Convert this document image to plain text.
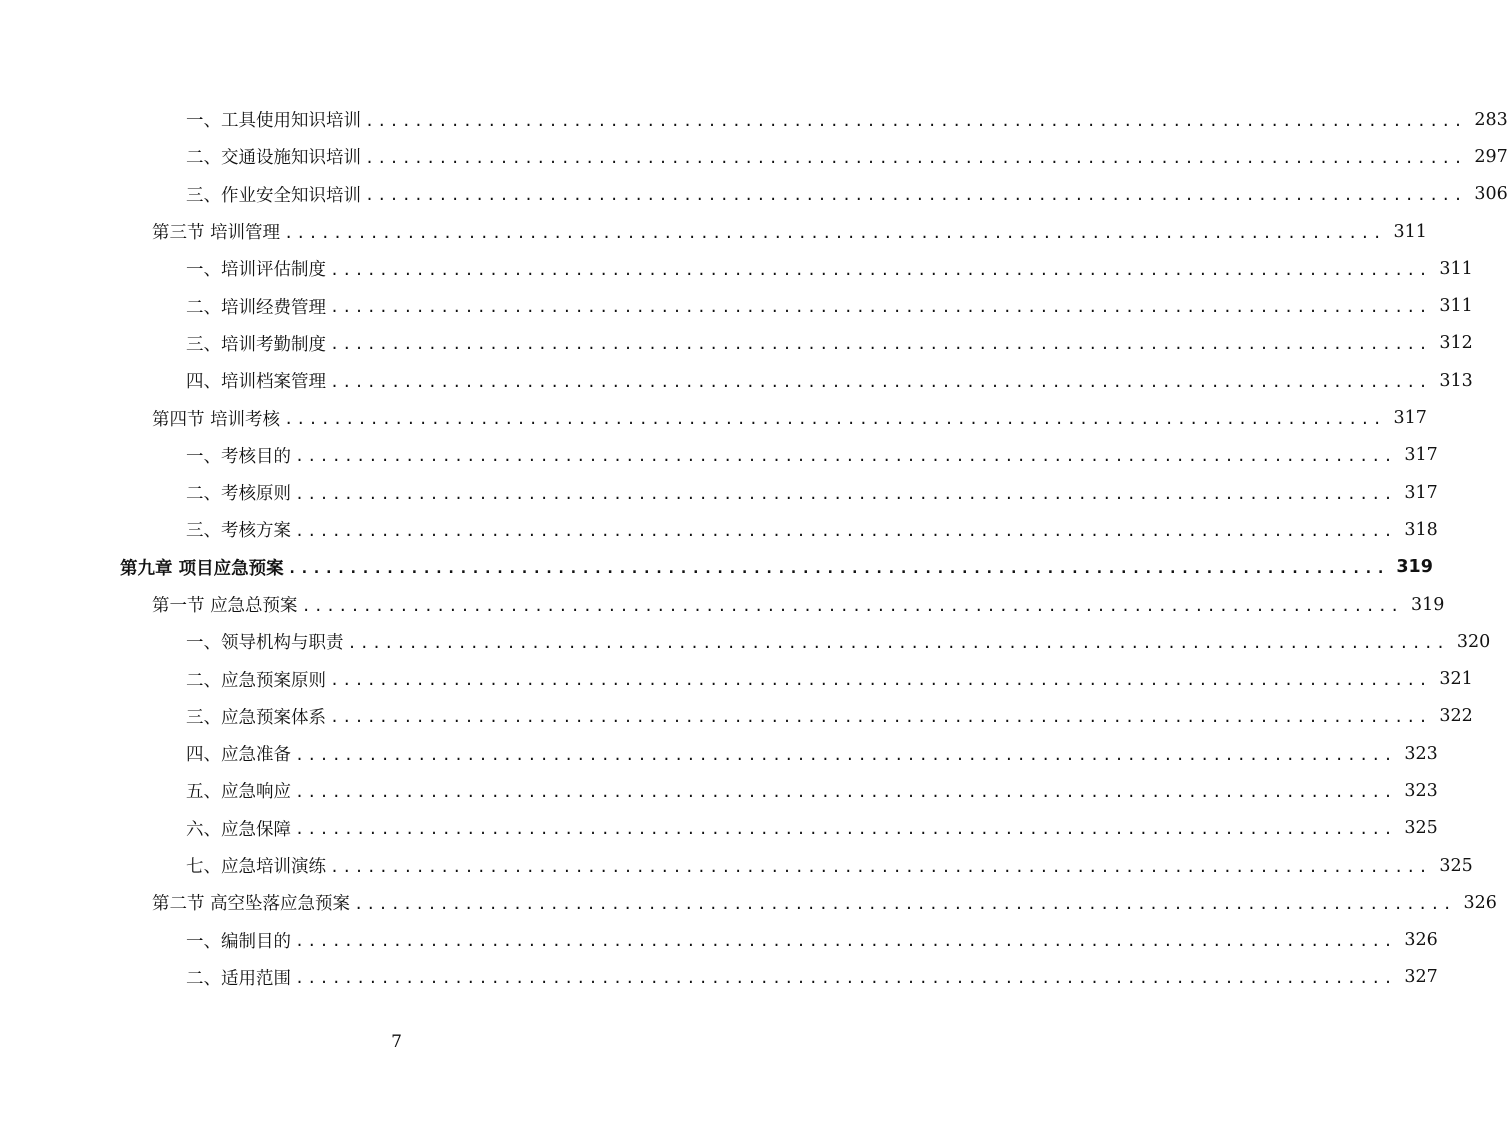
一、工具使用知识培训 .......................................................................................... 283
二、交通设施知识培训 .......................................................................................... 297
三、作业安全知识培训 .......................................................................................... 306
第三节 培训管理 .......................................................................................... 311
一、培训评估制度 .......................................................................................... 311
二、培训经费管理 .......................................................................................... 311
三、培训考勤制度 .......................................................................................... 312
四、培训档案管理 .......................................................................................... 313
第四节 培训考核 .......................................................................................... 317
一、考核目的 .......................................................................................... 317
二、考核原则 .......................................................................................... 317
三、考核方案 .......................................................................................... 318
第九章 项目应急预案 .......................................................................................... 319
第一节 应急总预案 .......................................................................................... 319
一、领导机构与职责 .......................................................................................... 320
二、应急预案原则 .......................................................................................... 321
三、应急预案体系 .......................................................................................... 322
四、应急准备 .......................................................................................... 323
五、应急响应 .......................................................................................... 323
六、应急保障 .......................................................................................... 325
七、应急培训演练 .......................................................................................... 325
第二节 高空坠落应急预案 .......................................................................................... 326
一、编制目的 .......................................................................................... 326
二、适用范围 .......................................................................................... 327
7
